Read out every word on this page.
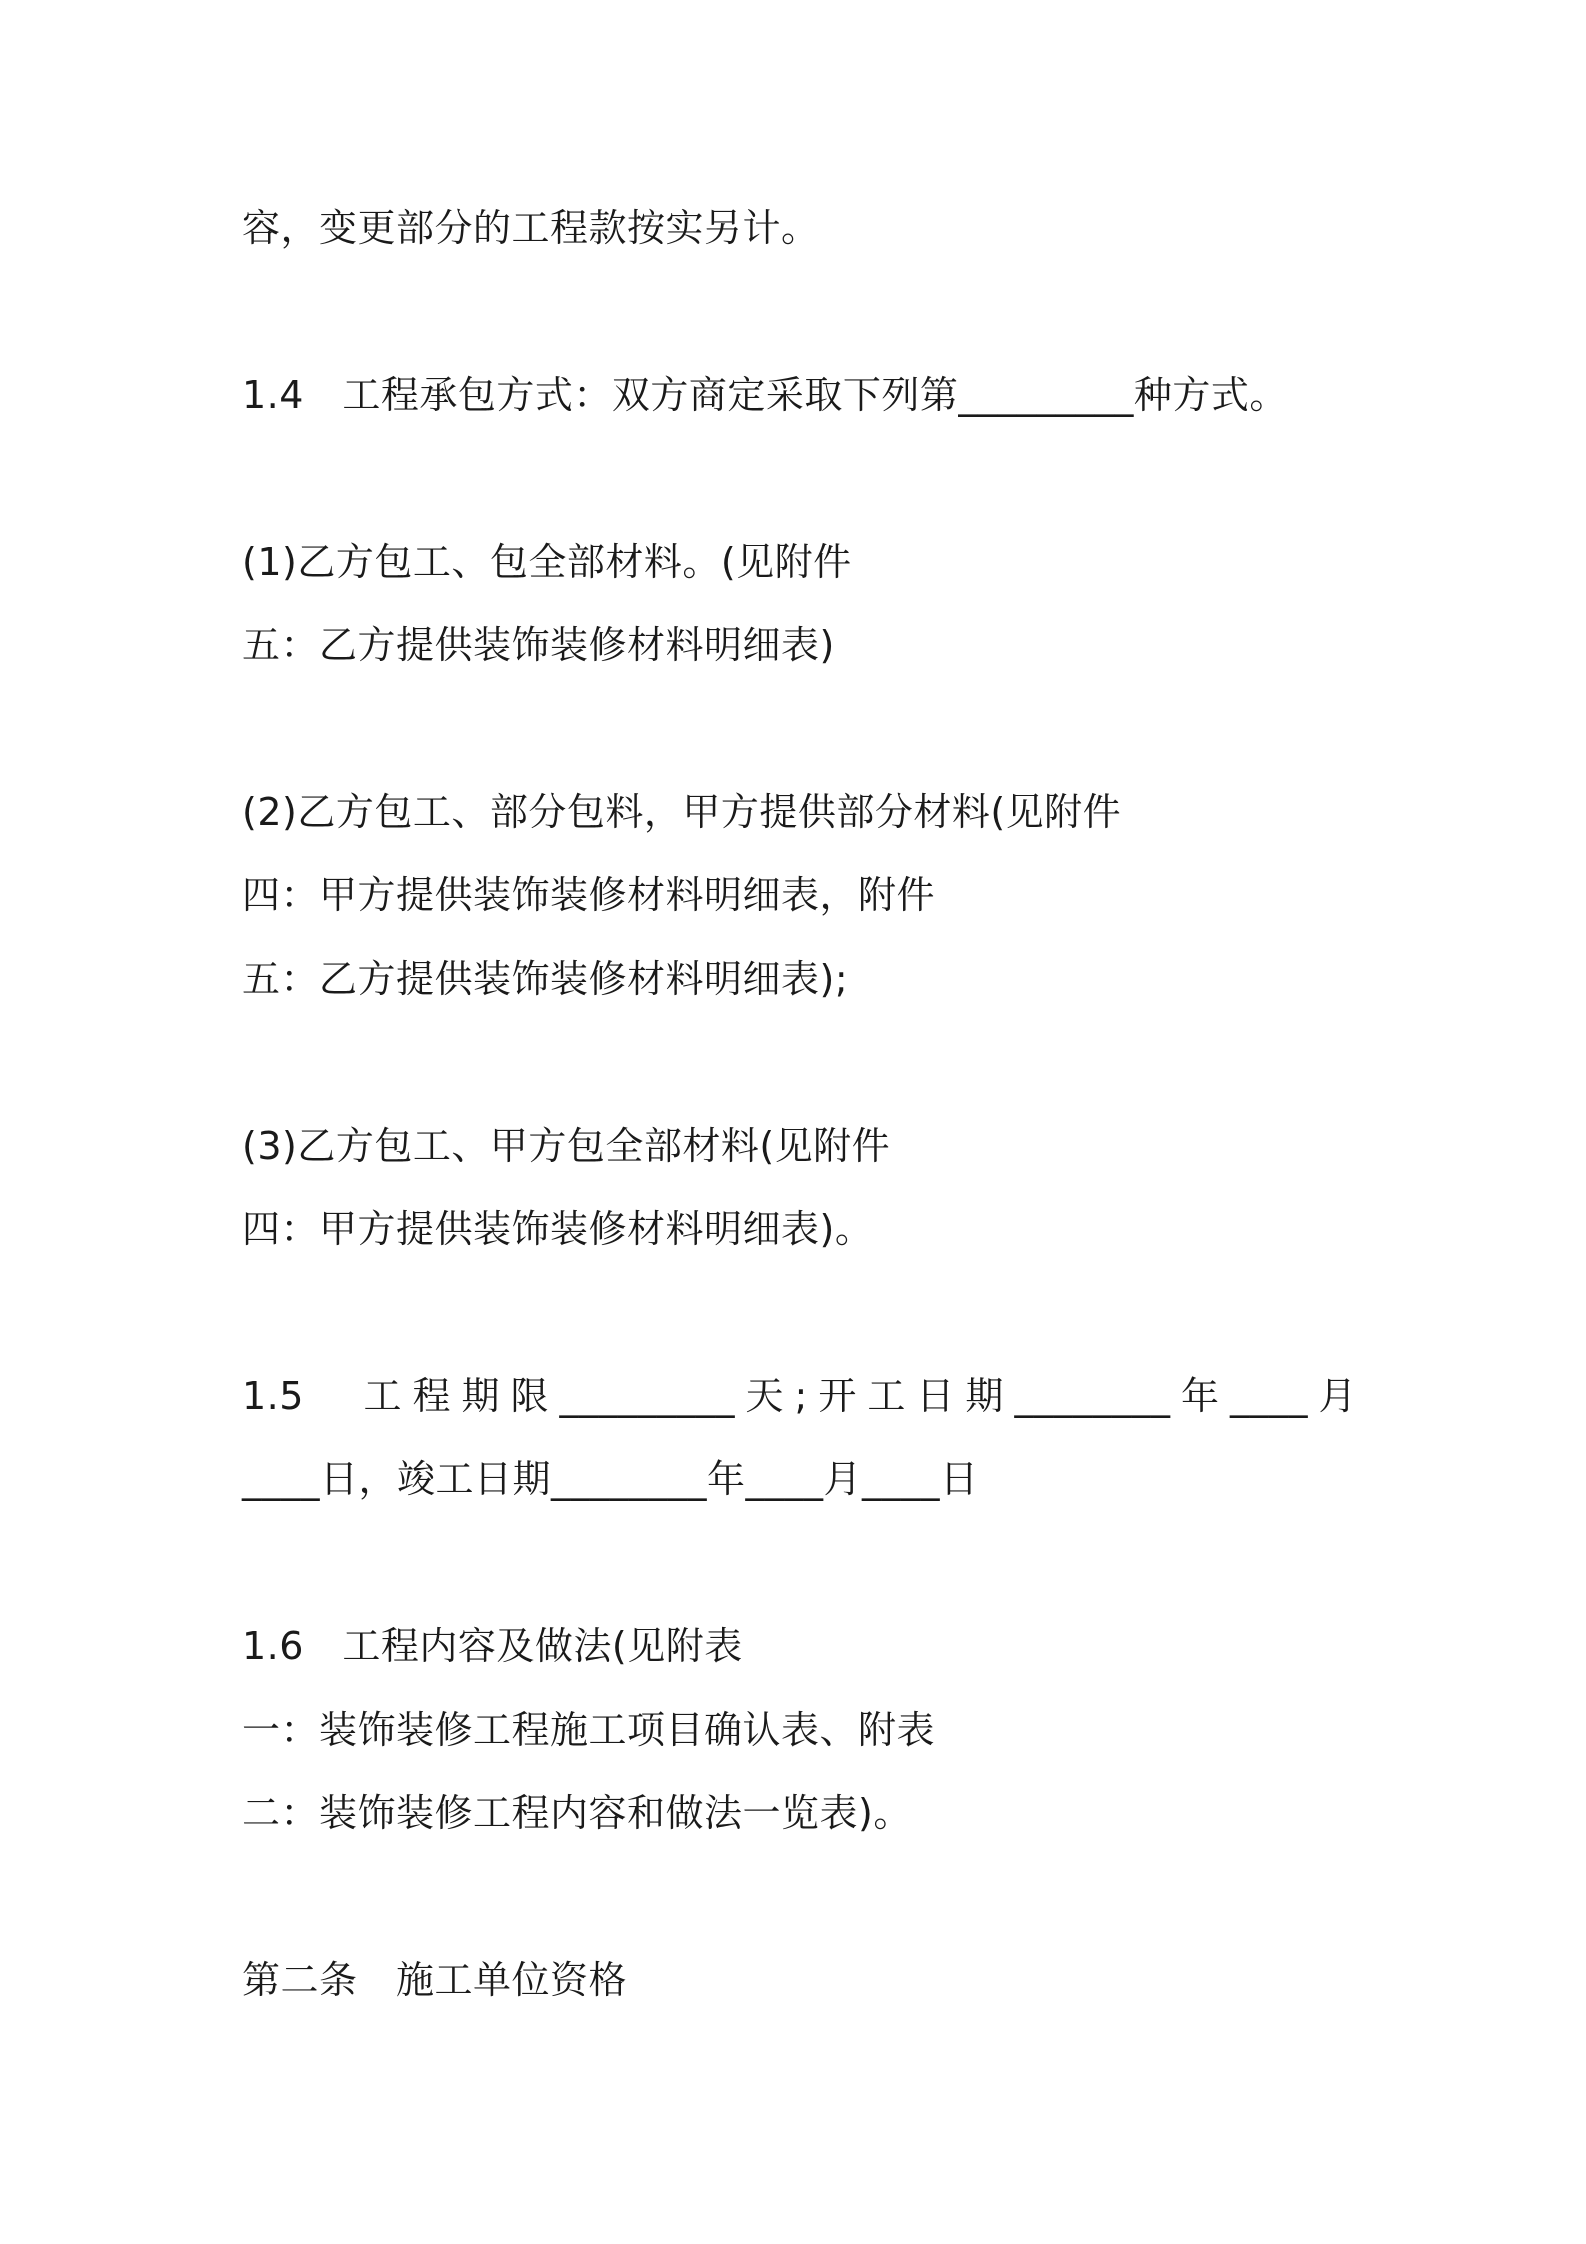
容，变更部分的工程款按实另计。

1.4　工程承包方式：双方商定采取下列第_________种方式。

(1)乙方包工、包全部材料。(见附件

五：乙方提供装饰装修材料明细表)

(2)乙方包工、部分包料，甲方提供部分材料(见附件

四：甲方提供装饰装修材料明细表，附件

五：乙方提供装饰装修材料明细表);

(3)乙方包工、甲方包全部材料(见附件

四：甲方提供装饰装修材料明细表)。

1.5　工程期限_________天;开工日期________年____月

____日，竣工日期________年____月____日

1.6　工程内容及做法(见附表

一：装饰装修工程施工项目确认表、附表

二：装饰装修工程内容和做法一览表)。

第二条　施工单位资格
